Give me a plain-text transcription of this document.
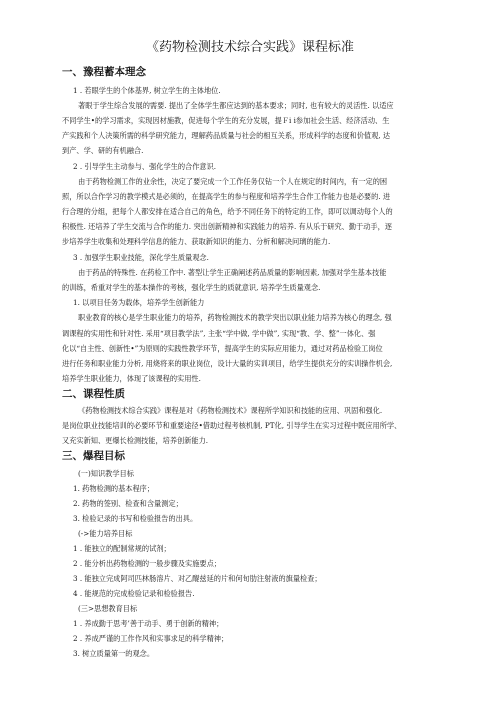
《药物检测技术综合实践》课程标准
一、豫程蓄本理念
1 . 若眼学生的个体基界, 树立学生的主体地位.
著眼于学生综合发展的需要. 提出了全体学生都应达到的基本要求；同时, 也有较大的灵活性. 以适应
不同学生•的学习需求，实现因材施教，促进每个学生的充分发展，提Ｆi i参加社会生活、经济活动、生
产实践和个人决策所需的科学研究能力，理解药品质量与社会的相互关系，形成科学的态度和价值观, 达
到产、学、研的有机融合.
2 . 引导学生主动参与、强化学生的合作意识.
由于药物检测工作的业余性，决定了要完成一个工作任务仅钻一个人在规定的时间内，有一定的困
照，所以合作学习的教学模式是必须的，在提高学生的参与程度和培养学生合作工作能力也是必要的. 进
行合理的分组，把每个人都安排在适合自己的角色，给予不同任务下的特定的工作，即可以调动每个人的
积极性. 还培养了学生交流与合作的能力. 突出创新精神和实践能力的培养. 有从乐于研究、勤于动手，逐
步培养学生收集和处理科学信息的能力、获取新知识的能力、分析和解决问璃的能力.
3 . 加强学生职业技能，深化学生质量观念.
由于药品的特殊性. 在药检工作中. 著型让学生正确阐述药品质量的影响因素, 加强对学生基本技能
的训练，希重对学生的基本操作的考核，强化学生的质就意识, 培养学生质量观念.
1. 以项目任务为载体，培养学生创新能力
职业教育的核心是学生职业能力的培养，药物检测技术的教学突出以职业能力培养为核心的理念, 强
调课程的实用性和针对性. 采用“项目教学法”, 主张“学中做, 学中做”, 实现“教、学、整”一体化、强
化以“自主性、创新性•”为原则的实践性教学环节，提高学生的实际应用能力，通过对药品检验工岗位
进行任务和职业能力分析, 用烧将来的职业岗位，设计大量的实训项目，给学生提供充分的实训操作机会,
培养学生职业能力，体现了该课程的实用性.
二、课程性质
《药物检测技术综合实践》课程是对《药物检测技术》课程所学知识和技能的应用、巩固和强化.
是岗位职业技能培训的必要环节和重要途径•借助过程考核机制, PT化, 引导学生在实习过程中既应用所学、
又充实新知、更爆长检测技能，培养创新能力.
三、爆程目标
(一)知识教学目标
1. 药物检测的基本程序；
2. 药物的签别、检查和含量测定；
3. 检验记录的书写和检验报告的出具。
(->能力培养目标
1 . 能独立的配制常规的试剂；
2 . 能分析出药物检测的一般步骤及实施要点；
3 . 能独立完成阿司匹林肠溶片、对乙醍兹延的片和何旬肋注射液的旗量检查；
4 . 能规范的完成检验记录和检验报告.
(三>思想教育目标
1 . 养成勤于思考’善于动手、勇于创新的精神；
2 . 养成严谨的工作作风和实事求足的科学精神；
3. 树立质量第一的观念。
